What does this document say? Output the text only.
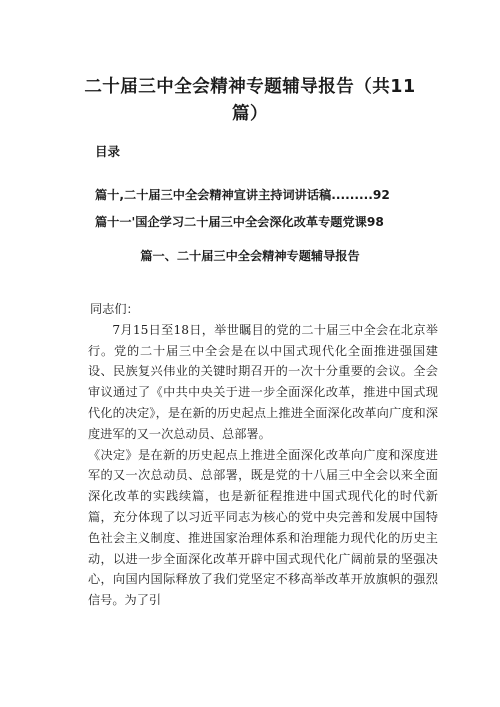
二十届三中全会精神专题辅导报告（共11篇）
目录
篇十,二十届三中全会精神宣讲主持词讲话稿.........92
篇十一'国企学习二十届三中全会深化改革专题党课98
篇一、二十届三中全会精神专题辅导报告

同志们：

7月15日至18日，举世瞩目的党的二十届三中全会在北京举行。党的二十届三中全会是在以中国式现代化全面推进强国建设、民族复兴伟业的关键时期召开的一次十分重要的会议。全会审议通过了《中共中央关于进一步全面深化改革，推进中国式现代化的决定》，是在新的历史起点上推进全面深化改革向广度和深度进军的又一次总动员、总部署。

《决定》是在新的历史起点上推进全面深化改革向广度和深度进军的又一次总动员、总部署，既是党的十八届三中全会以来全面深化改革的实践续篇，也是新征程推进中国式现代化的时代新篇，充分体现了以习近平同志为核心的党中央完善和发展中国特色社会主义制度、推进国家治理体系和治理能力现代化的历史主动，以进一步全面深化改革开辟中国式现代化广阔前景的坚强决心，向国内国际释放了我们党坚定不移高举改革开放旗帜的强烈信号。为了引
